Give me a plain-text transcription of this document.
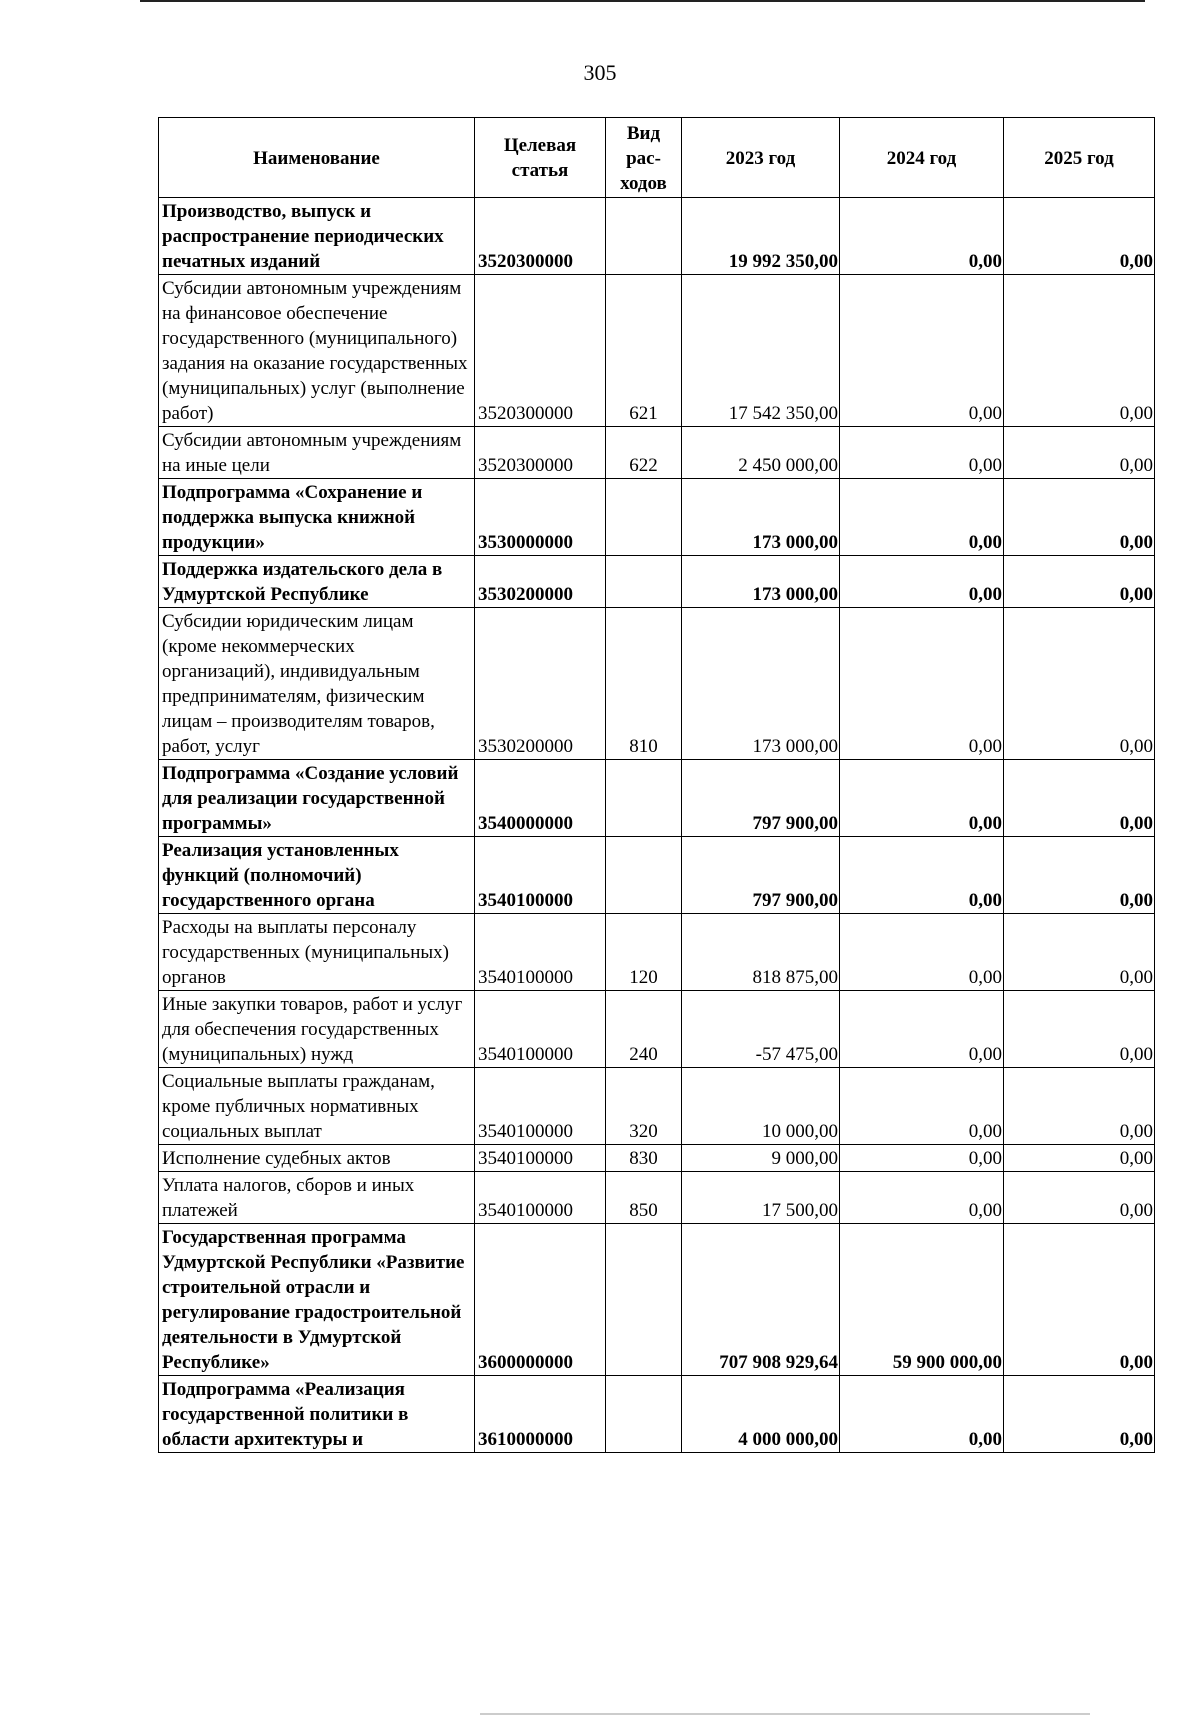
305
Наименование	Целевая статья	Вид рас-ходов	2023 год	2024 год	2025 год
Производство, выпуск и распространение периодических печатных изданий	3520300000		19 992 350,00	0,00	0,00
Субсидии автономным учреждениям на финансовое обеспечение государственного (муниципального) задания на оказание государственных (муниципальных) услуг (выполнение работ)	3520300000	621	17 542 350,00	0,00	0,00
Субсидии автономным учреждениям на иные цели	3520300000	622	2 450 000,00	0,00	0,00
Подпрограмма «Сохранение и поддержка выпуска книжной продукции»	3530000000		173 000,00	0,00	0,00
Поддержка издательского дела в Удмуртской Республике	3530200000		173 000,00	0,00	0,00
Субсидии юридическим лицам (кроме некоммерческих организаций), индивидуальным предпринимателям, физическим лицам – производителям товаров, работ, услуг	3530200000	810	173 000,00	0,00	0,00
Подпрограмма «Создание условий для реализации государственной программы»	3540000000		797 900,00	0,00	0,00
Реализация установленных функций (полномочий) государственного органа	3540100000		797 900,00	0,00	0,00
Расходы на выплаты персоналу государственных (муниципальных) органов	3540100000	120	818 875,00	0,00	0,00
Иные закупки товаров, работ и услуг для обеспечения государственных (муниципальных) нужд	3540100000	240	-57 475,00	0,00	0,00
Социальные выплаты гражданам, кроме публичных нормативных социальных выплат	3540100000	320	10 000,00	0,00	0,00
Исполнение судебных актов	3540100000	830	9 000,00	0,00	0,00
Уплата налогов, сборов и иных платежей	3540100000	850	17 500,00	0,00	0,00
Государственная программа Удмуртской Республики «Развитие строительной отрасли и регулирование градостроительной деятельности в Удмуртской Республике»	3600000000		707 908 929,64	59 900 000,00	0,00
Подпрограмма «Реализация государственной политики в области архитектуры и	3610000000		4 000 000,00	0,00	0,00
